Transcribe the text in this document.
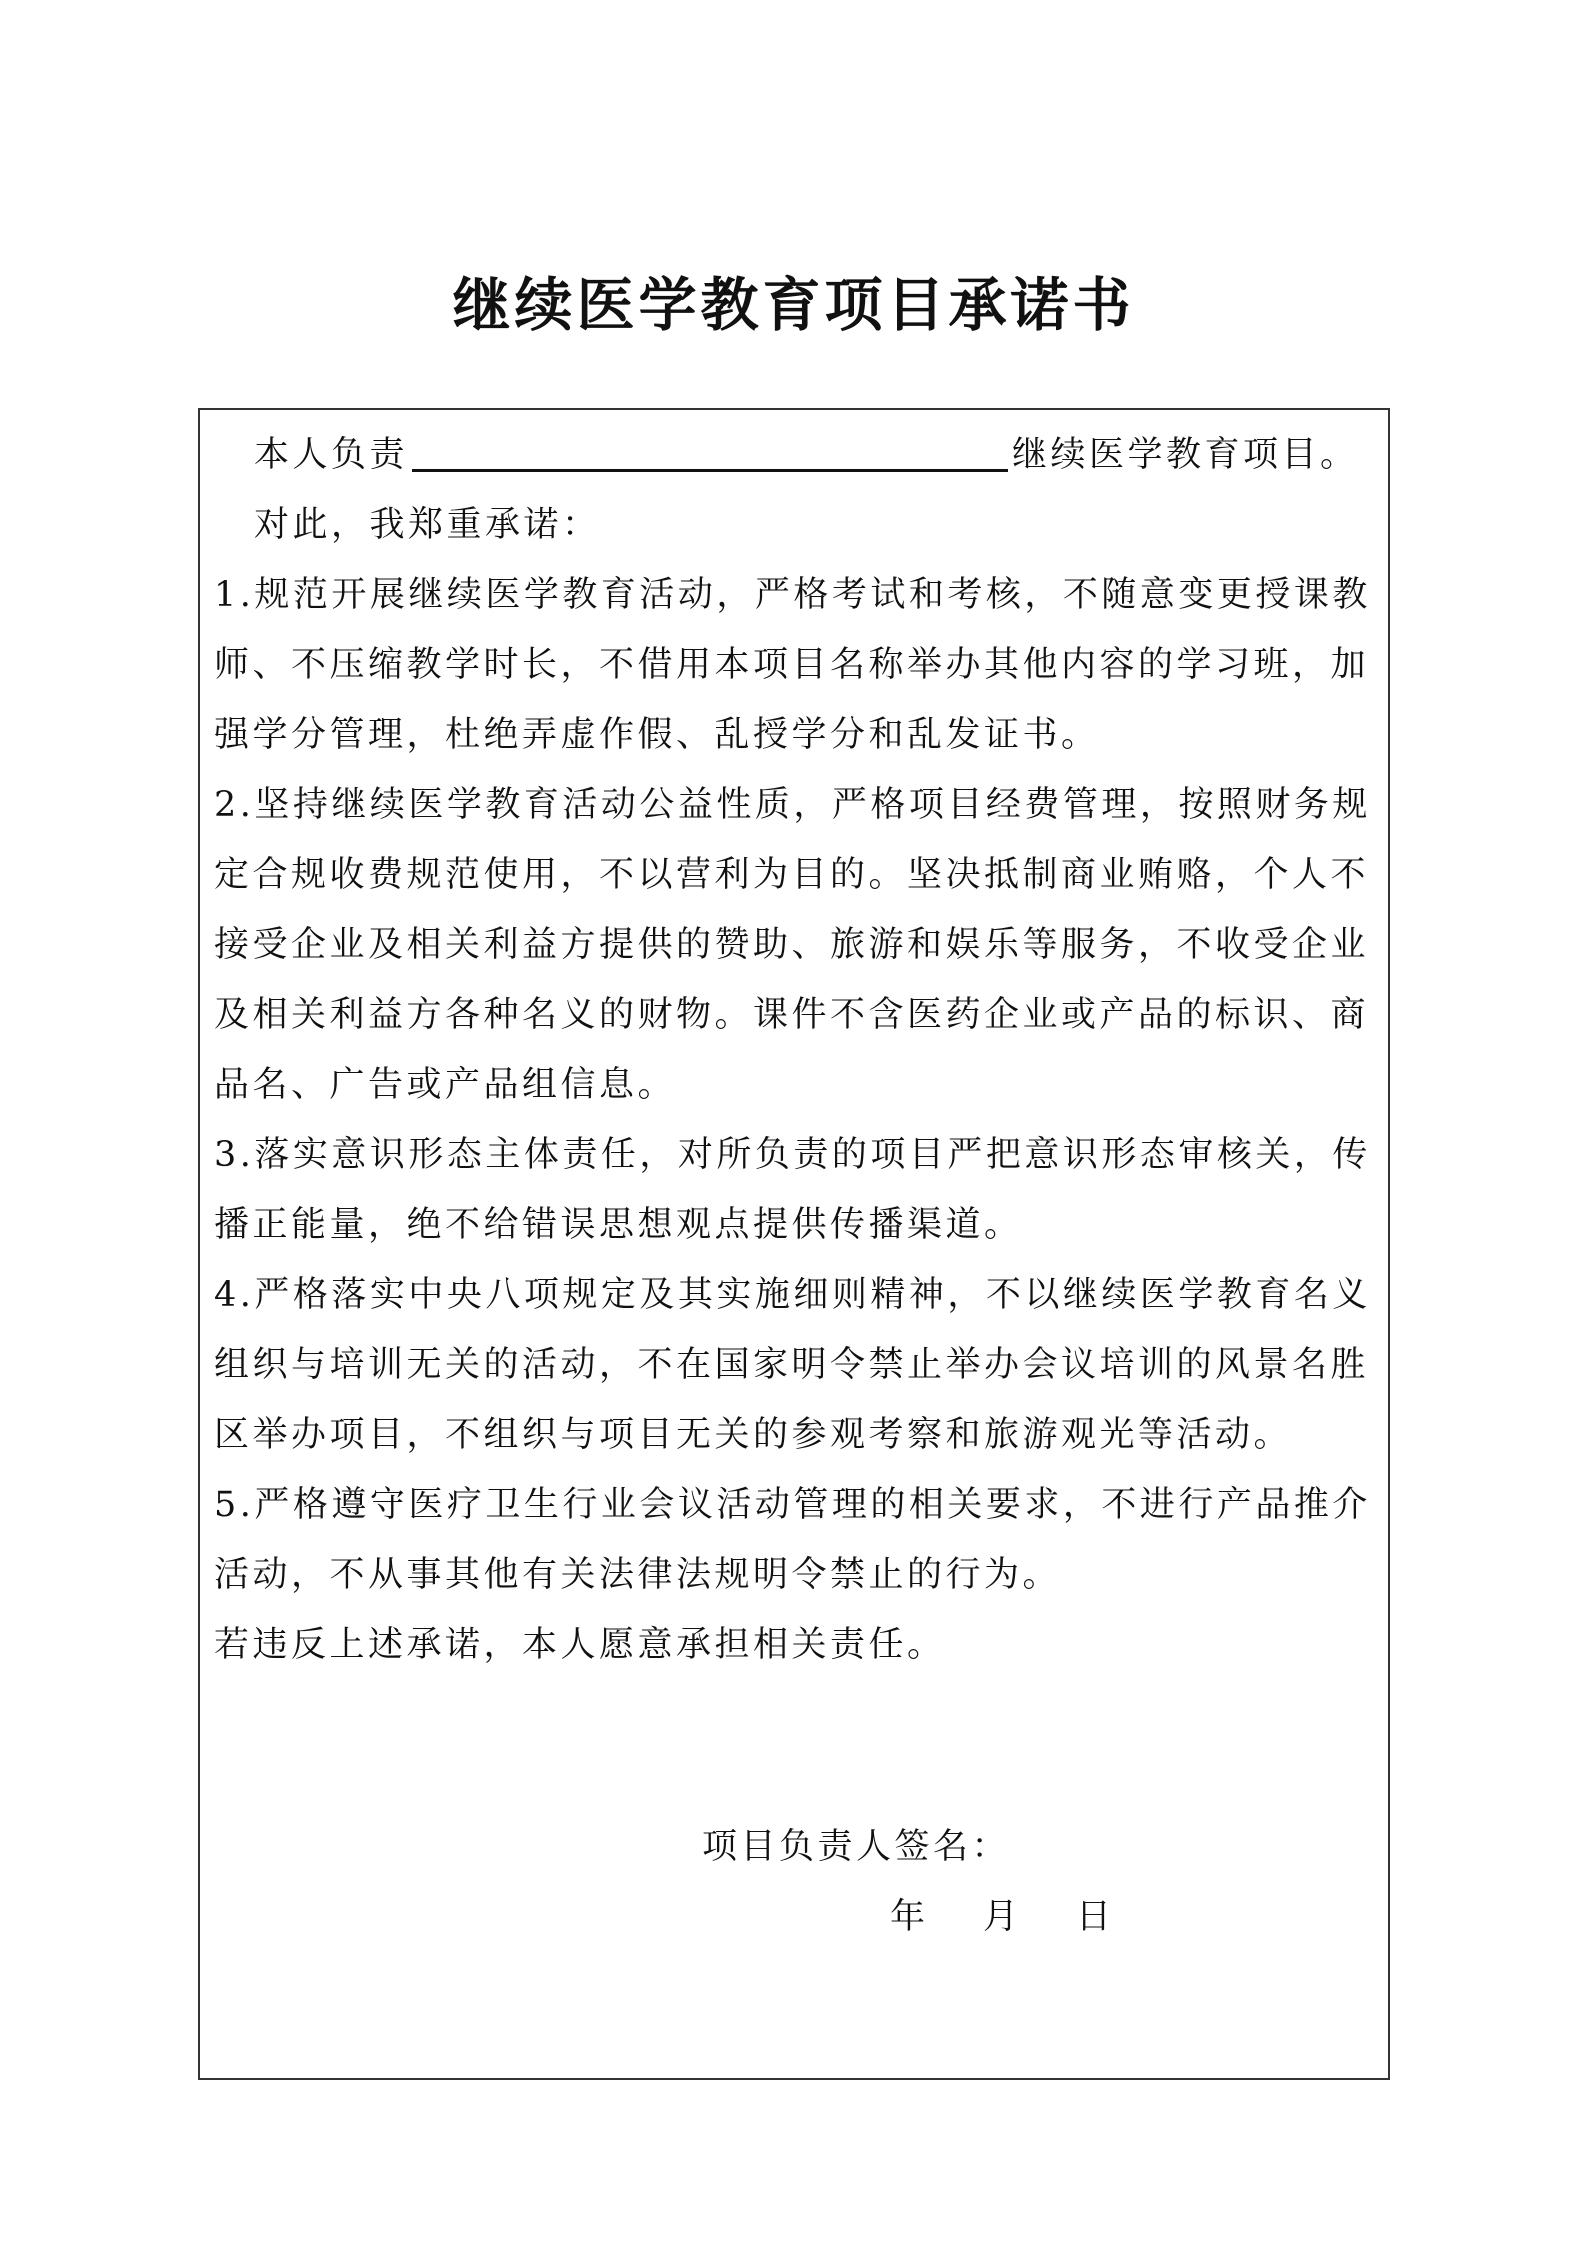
继续医学教育项目承诺书

本人负责	继续医学教育项目。

对此，我郑重承诺：

1.规范开展继续医学教育活动，严格考试和考核，不随意变更授课教师、不压缩教学时长，不借用本项目名称举办其他内容的学习班，加强学分管理，杜绝弄虚作假、乱授学分和乱发证书。

2.坚持继续医学教育活动公益性质，严格项目经费管理，按照财务规定合规收费规范使用，不以营利为目的。坚决抵制商业贿赂，个人不接受企业及相关利益方提供的赞助、旅游和娱乐等服务，不收受企业及相关利益方各种名义的财物。课件不含医药企业或产品的标识、商品名、广告或产品组信息。

3.落实意识形态主体责任，对所负责的项目严把意识形态审核关，传播正能量，绝不给错误思想观点提供传播渠道。

4.严格落实中央八项规定及其实施细则精神，不以继续医学教育名义组织与培训无关的活动，不在国家明令禁止举办会议培训的风景名胜区举办项目，不组织与项目无关的参观考察和旅游观光等活动。

5.严格遵守医疗卫生行业会议活动管理的相关要求，不进行产品推介活动，不从事其他有关法律法规明令禁止的行为。

若违反上述承诺，本人愿意承担相关责任。

项目负责人签名：
年 月 日
